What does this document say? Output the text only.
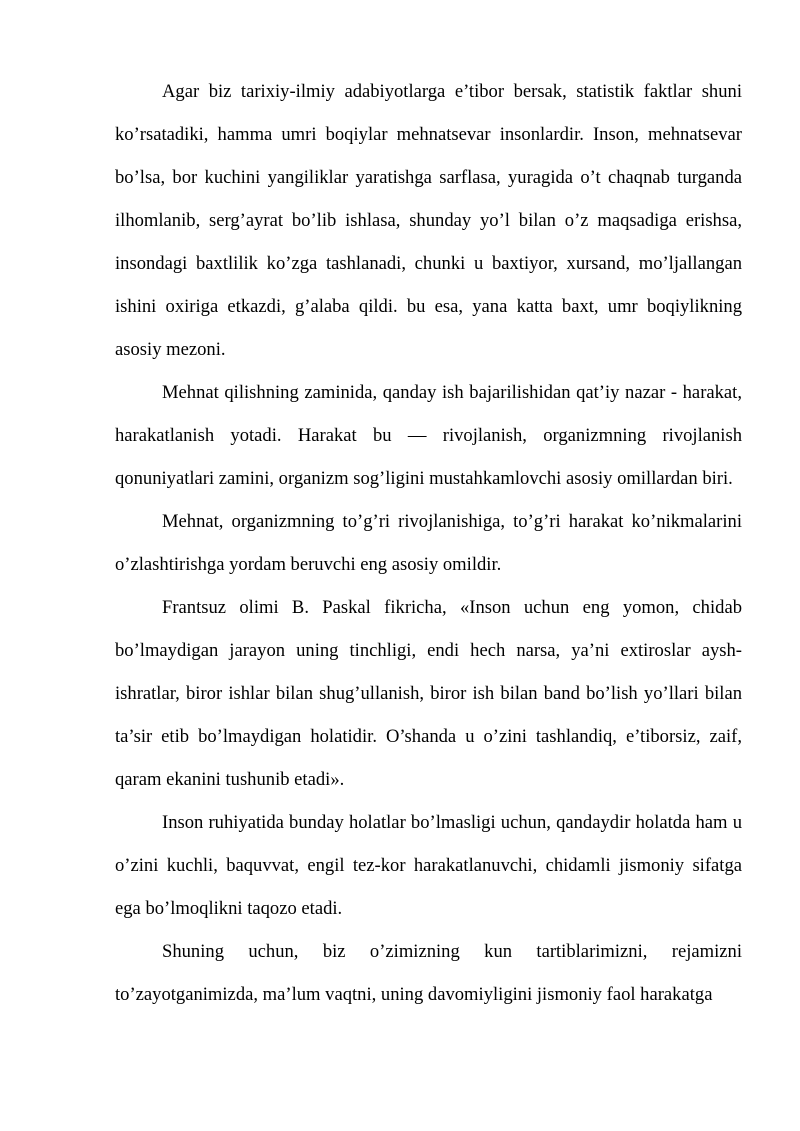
Agar biz tarixiy-ilmiy adabiyotlarga e’tibor bersak, statistik faktlar shuni ko’rsatadiki, hamma umri boqiylar mehnatsevar insonlardir. Inson, mehnatsevar bo’lsa, bor kuchini yangiliklar yaratishga sarflasa, yuragida o’t chaqnab turganda ilhomlanib, serg’ayrat bo’lib ishlasa, shunday yo’l bilan o’z maqsadiga erishsa, insondagi baxtlilik ko’zga tashlanadi, chunki u baxtiyor, xursand, mo’ljallangan ishini oxiriga etkazdi, g’alaba qildi. bu esa, yana katta baxt, umr boqiylikning asosiy mezoni.

Mehnat qilishning zaminida, qanday ish bajarilishidan qat’iy nazar - harakat, harakatlanish yotadi. Harakat bu — rivojlanish, organizmning rivojlanish qonuniyatlari zamini, organizm sog’ligini mustahkamlovchi asosiy omillardan biri.

Mehnat, organizmning to’g’ri rivojlanishiga, to’g’ri harakat ko’nikmalarini o’zlashtirishga yordam beruvchi eng asosiy omildir.

Frantsuz olimi B. Paskal fikricha, «Inson uchun eng yomon, chidab bo’lmaydigan jarayon uning tinchligi, endi hech narsa, ya’ni extiroslar aysh-ishratlar, biror ishlar bilan shug’ullanish, biror ish bilan band bo’lish yo’llari bilan ta’sir etib bo’lmaydigan holatidir. O’shanda u o’zini tashlandiq, e’tiborsiz, zaif, qaram ekanini tushunib etadi».

Inson ruhiyatida bunday holatlar bo’lmasligi uchun, qandaydir holatda ham u o’zini kuchli, baquvvat, engil tez-kor harakatlanuvchi, chidamli jismoniy sifatga ega bo’lmoqlikni taqozo etadi.

Shuning uchun, biz o’zimizning kun tartiblarimizni, rejamizni to’zayotganimizda, ma’lum vaqtni, uning davomiyligini jismoniy faol harakatga
